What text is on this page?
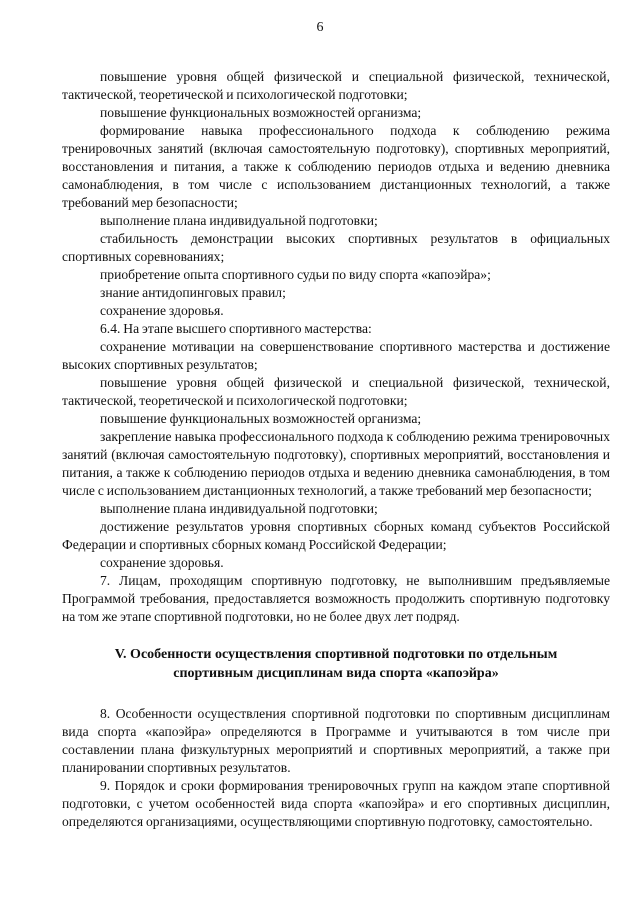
6

повышение уровня общей физической и специальной физической, технической, тактической, теоретической и психологической подготовки;

повышение функциональных возможностей организма;

формирование навыка профессионального подхода к соблюдению режима тренировочных занятий (включая самостоятельную подготовку), спортивных мероприятий, восстановления и питания, а также к соблюдению периодов отдыха и ведению дневника самонаблюдения, в том числе с использованием дистанционных технологий, а также требований мер безопасности;

выполнение плана индивидуальной подготовки;

стабильность демонстрации высоких спортивных результатов в официальных спортивных соревнованиях;

приобретение опыта спортивного судьи по виду спорта «капоэйра»;

знание антидопинговых правил;

сохранение здоровья.

6.4. На этапе высшего спортивного мастерства:

сохранение мотивации на совершенствование спортивного мастерства и достижение высоких спортивных результатов;

повышение уровня общей физической и специальной физической, технической, тактической, теоретической и психологической подготовки;

повышение функциональных возможностей организма;

закрепление навыка профессионального подхода к соблюдению режима тренировочных занятий (включая самостоятельную подготовку), спортивных мероприятий, восстановления и питания, а также к соблюдению периодов отдыха и ведению дневника самонаблюдения, в том числе с использованием дистанционных технологий, а также требований мер безопасности;

выполнение плана индивидуальной подготовки;

достижение результатов уровня спортивных сборных команд субъектов Российской Федерации и спортивных сборных команд Российской Федерации;

сохранение здоровья.

7. Лицам, проходящим спортивную подготовку, не выполнившим предъявляемые Программой требования, предоставляется возможность продолжить спортивную подготовку на том же этапе спортивной подготовки, но не более двух лет подряд.

V. Особенности осуществления спортивной подготовки по отдельным спортивным дисциплинам вида спорта «капоэйра»

8. Особенности осуществления спортивной подготовки по спортивным дисциплинам вида спорта «капоэйра» определяются в Программе и учитываются в том числе при составлении плана физкультурных мероприятий и спортивных мероприятий, а также при планировании спортивных результатов.

9. Порядок и сроки формирования тренировочных групп на каждом этапе спортивной подготовки, с учетом особенностей вида спорта «капоэйра» и его спортивных дисциплин, определяются организациями, осуществляющими спортивную подготовку, самостоятельно.
